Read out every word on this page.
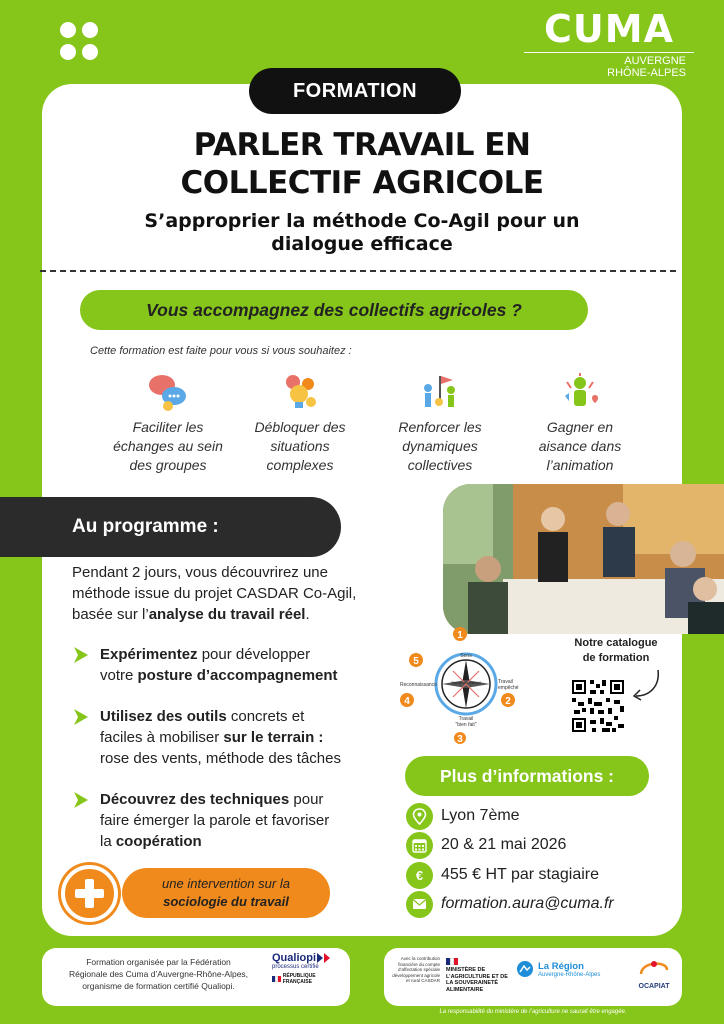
CUMA
AUVERGNE
RHÔNE-ALPES
FORMATION
PARLER TRAVAIL EN
COLLECTIF AGRICOLE
S’approprier la méthode Co-Agil pour un
dialogue efficace
Vous accompagnez des collectifs agricoles ?
Cette formation est faite pour vous si vous souhaitez :
Faciliter les
échanges au sein
des groupes
Débloquer des
situations
complexes
Renforcer les
dynamiques
collectives
Gagner en
aisance dans
l’animation
Au programme :
Pendant 2 jours, vous découvrirez une
méthode issue du projet CASDAR Co-Agil,
basée sur l’analyse du travail réel.
Expérimentez pour développer
votre posture d’accompagnement
Utilisez des outils concrets et
faciles à mobiliser sur le terrain :
rose des vents, méthode des tâches
Découvrez des techniques pour
faire émerger la parole et favoriser
la coopération
une intervention sur la
sociologie du travail
Sens
Travail
empêché
Travail
"bien fait"
Reconnaissance	Santé au travail
1
2
3
4
5
Notre catalogue
de formation
Plus d’informations :
Lyon 7ème
20 & 21 mai 2026
€ 455 € HT par stagiaire
formation.aura@cuma.fr
Formation organisée par la Fédération
Régionale des Cuma d’Auvergne-Rhône-Alpes,
organisme de formation certifié Qualiopi.
Qualiopi
processus certifié
RÉPUBLIQUE FRANÇAISE
Avec la contribution financière du compte d’affectation spéciale développement agricole et rural CASDAR
MINISTÈRE DE L’AGRICULTURE ET DE LA SOUVERAINETÉ ALIMENTAIRE
La Région
Auvergne-Rhône-Alpes
OCAPIAT
La responsabilité du ministère de l’agriculture ne saurait être engagée.
